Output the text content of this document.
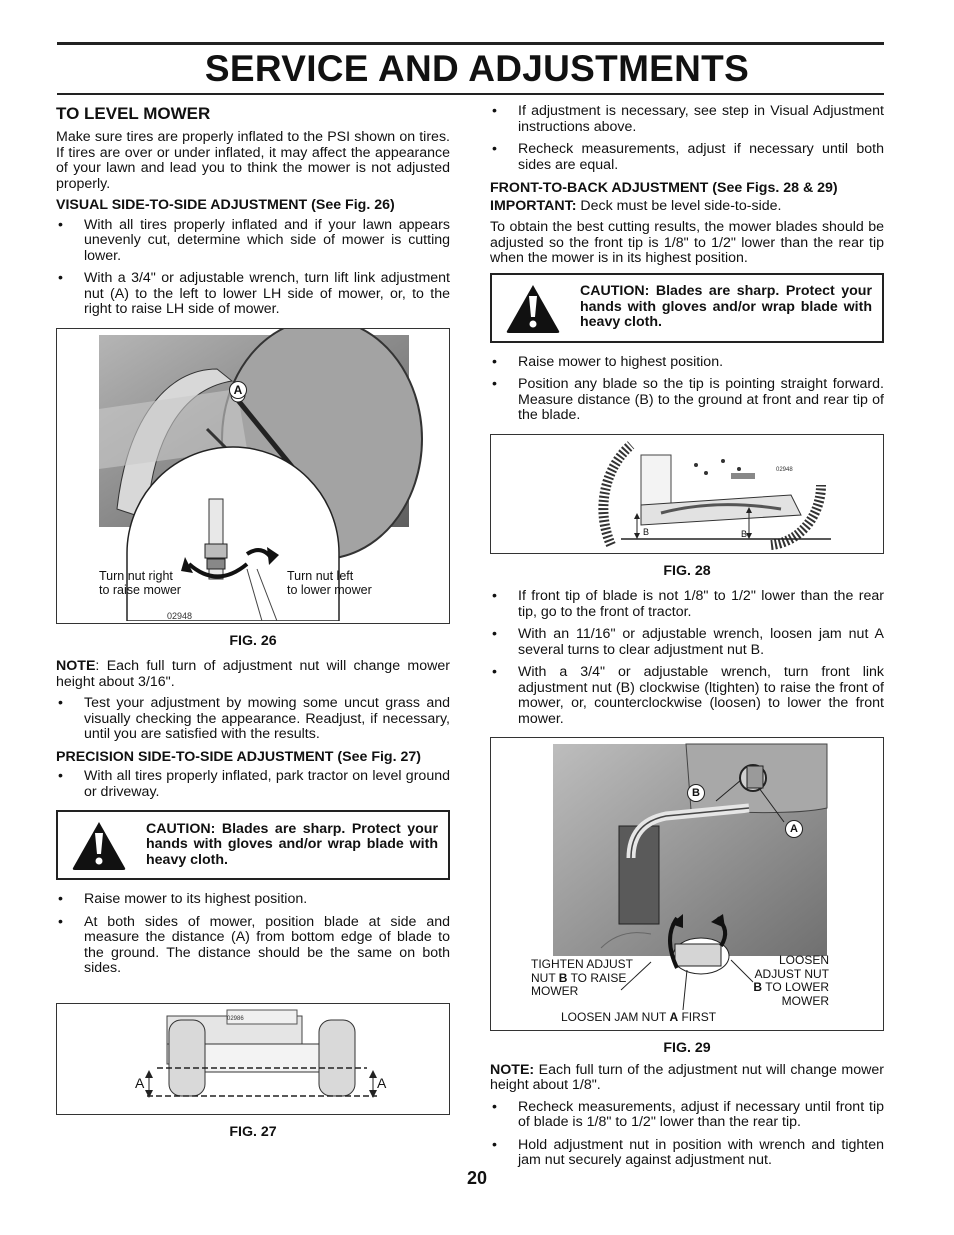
SERVICE AND ADJUSTMENTS
TO LEVEL MOWER

Make sure tires are properly inflated to the PSI shown on tires. If tires are over or under inflated, it may affect the appearance of your lawn and lead you to think the mower is not adjusted properly.

VISUAL SIDE-TO-SIDE ADJUSTMENT (See Fig. 26)
• With all tires properly inflated and if your lawn appears unevenly cut, determine which side of mower is cutting lower.
• With a 3/4" or adjustable wrench, turn lift link adjustment nut (A) to the left to lower LH side of mower, or, to the right to raise LH side of mower.
A
Turn nut right
to raise mower
Turn nut left
to lower mower
02948
FIG. 26

NOTE: Each full turn of adjustment nut will change mower height about 3/16".

• Test your adjustment by mowing some uncut grass and visually checking the appearance. Readjust, if necessary, until you are satisfied with the results.
PRECISION SIDE-TO-SIDE ADJUSTMENT (See Fig. 27)
• With all tires properly inflated, park tractor on level ground or driveway.
CAUTION: Blades are sharp. Protect your hands with gloves and/or wrap blade with heavy cloth.
• Raise mower to its highest position.
• At both sides of mower, position blade at side and measure the distance (A) from bottom edge of blade to the ground. The distance should be the same on both sides.
A	A
02986
FIG. 27
• If adjustment is necessary, see step in Visual Adjustment instructions above.
• Recheck measurements, adjust if necessary until both sides are equal.
FRONT-TO-BACK ADJUSTMENT (See Figs. 28 & 29)

IMPORTANT: Deck must be level side-to-side.

To obtain the best cutting results, the mower blades should be adjusted so the front tip is 1/8" to 1/2" lower than the rear tip when the mower is in its highest position.

CAUTION: Blades are sharp. Protect your hands with gloves and/or wrap blade with heavy cloth.
• Raise mower to highest position.
• Position any blade so the tip is pointing straight forward. Measure distance (B) to the ground at front and rear tip of the blade.
B	B
02948
FIG. 28
• If front tip of blade is not 1/8" to 1/2" lower than the rear tip, go to the front of tractor.
• With an 11/16" or adjustable wrench, loosen jam nut A several turns to clear adjustment nut B.
• With a 3/4" or adjustable wrench, turn front link adjustment nut (B) clockwise (ltighten) to raise the front of mower, or, counterclockwise (loosen) to lower the front mower.
B
A
TIGHTEN ADJUST
NUT B TO RAISE
MOWER
LOOSEN
ADJUST NUT
B TO LOWER
MOWER
LOOSEN JAM NUT A FIRST
FIG. 29

NOTE: Each full turn of the adjustment nut will change mower height about 1/8".

• Recheck measurements, adjust if necessary until front tip of blade is 1/8" to 1/2" lower than the rear tip.
• Hold adjustment nut in position with wrench and tighten jam nut securely against adjustment nut.
20
